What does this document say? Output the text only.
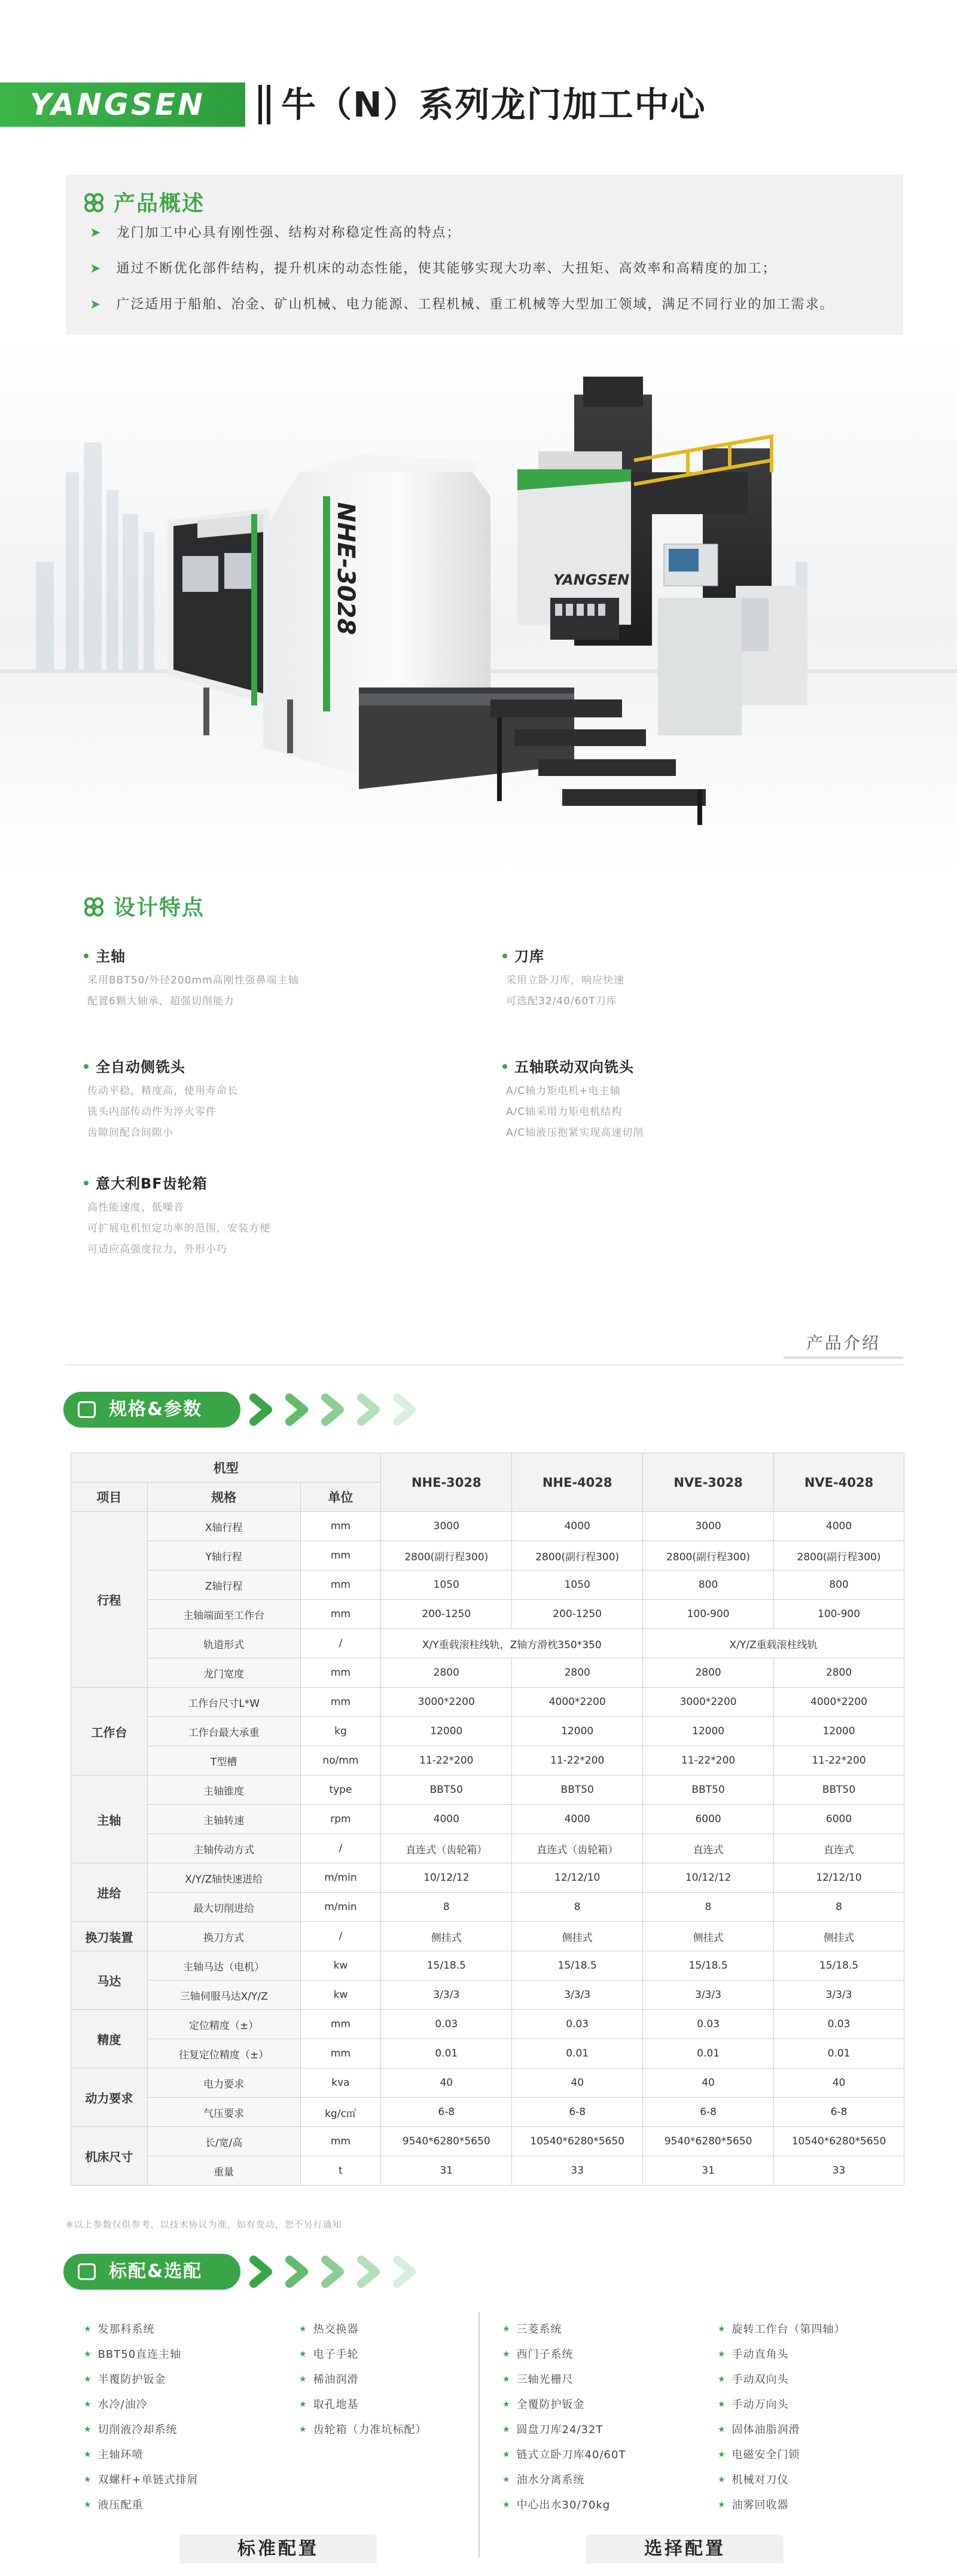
YANGSEN	牛（N）系列龙门加工中心
产品概述
➤ 龙门加工中心具有刚性强、结构对称稳定性高的特点；
➤ 通过不断优化部件结构，提升机床的动态性能，使其能够实现大功率、大扭矩、高效率和高精度的加工；
➤ 广泛适用于船舶、冶金、矿山机械、电力能源、工程机械、重工机械等大型加工领域，满足不同行业的加工需求。
YANGSEN
NHE-3028
设计特点
主轴
采用BBT50/外径200mm高刚性强鼻端主轴
配置6颗大轴承，超强切削能力
刀库
采用立卧刀库，响应快速
可选配32/40/60T刀库
全自动侧铣头
传动平稳，精度高，使用寿命长
铣头内部传动件为淬火零件
齿隙间配合间隙小
五轴联动双向铣头
A/C轴力矩电机+电主轴
A/C轴采用力矩电机结构
A/C轴液压抱紧实现高速切削
意大利BF齿轮箱
高性能速度，低噪音
可扩展电机恒定功率的范围，安装方便
可适应高强度拉力，外形小巧
产品介绍
规格&参数
机型			NHE-3028	NHE-4028	NVE-3028	NVE-4028
项目	规格	单位				
行程	X轴行程	mm	3000	4000	3000	4000
	Y轴行程	mm	2800(副行程300)	2800(副行程300)	2800(副行程300)	2800(副行程300)
	Z轴行程	mm	1050	1050	800	800
	主轴端面至工作台	mm	200-1250	200-1250	100-900	100-900
	轨道形式	/	X/Y重载滚柱线轨，Z轴方滑枕350*350		X/Y/Z重载滚柱线轨	
	龙门宽度	mm	2800	2800	2800	2800
工作台	工作台尺寸L*W	mm	3000*2200	4000*2200	3000*2200	4000*2200
	工作台最大承重	kg	12000	12000	12000	12000
	T型槽	no/mm	11-22*200	11-22*200	11-22*200	11-22*200
主轴	主轴锥度	type	BBT50	BBT50	BBT50	BBT50
	主轴转速	rpm	4000	4000	6000	6000
	主轴传动方式	/	直连式（齿轮箱）	直连式（齿轮箱）	直连式	直连式
进给	X/Y/Z轴快速进给	m/min	10/12/12	12/12/10	10/12/12	12/12/10
	最大切削进给	m/min	8	8	8	8
换刀装置	换刀方式	/	侧挂式	侧挂式	侧挂式	侧挂式
马达	主轴马达（电机）	kw	15/18.5	15/18.5	15/18.5	15/18.5
	三轴伺服马达X/Y/Z	kw	3/3/3	3/3/3	3/3/3	3/3/3
精度	定位精度（±）	mm	0.03	0.03	0.03	0.03
	往复定位精度（±）	mm	0.01	0.01	0.01	0.01
动力要求	电力要求	kva	40	40	40	40
	气压要求	kg/c㎡	6-8	6-8	6-8	6-8
机床尺寸	长/宽/高	mm	9540*6280*5650	10540*6280*5650	9540*6280*5650	10540*6280*5650
	重量	t	31	33	31	33
※以上参数仅供参考，以技术协议为准，如有变动，恕不另行通知
标配&选配
标准配置	选择配置
★ 发那科系统
★ BBT50直连主轴
★ 半覆防护钣金
★ 水冷/油冷
★ 切削液冷却系统
★ 主轴环喷
★ 双螺杆+单链式排屑
★ 液压配重
★ 热交换器
★ 电子手轮
★ 稀油润滑
★ 取孔地基
★ 齿轮箱（力准坑标配）
★ 三菱系统
★ 西门子系统
★ 三轴光栅尺
★ 全覆防护钣金
★ 圆盘刀库24/32T
★ 链式立卧刀库40/60T
★ 油水分离系统
★ 中心出水30/70kg
★ 旋转工作台（第四轴）
★ 手动直角头
★ 手动双向头
★ 手动万向头
★ 固体油脂润滑
★ 电磁安全门锁
★ 机械对刀仪
★ 油雾回收器
